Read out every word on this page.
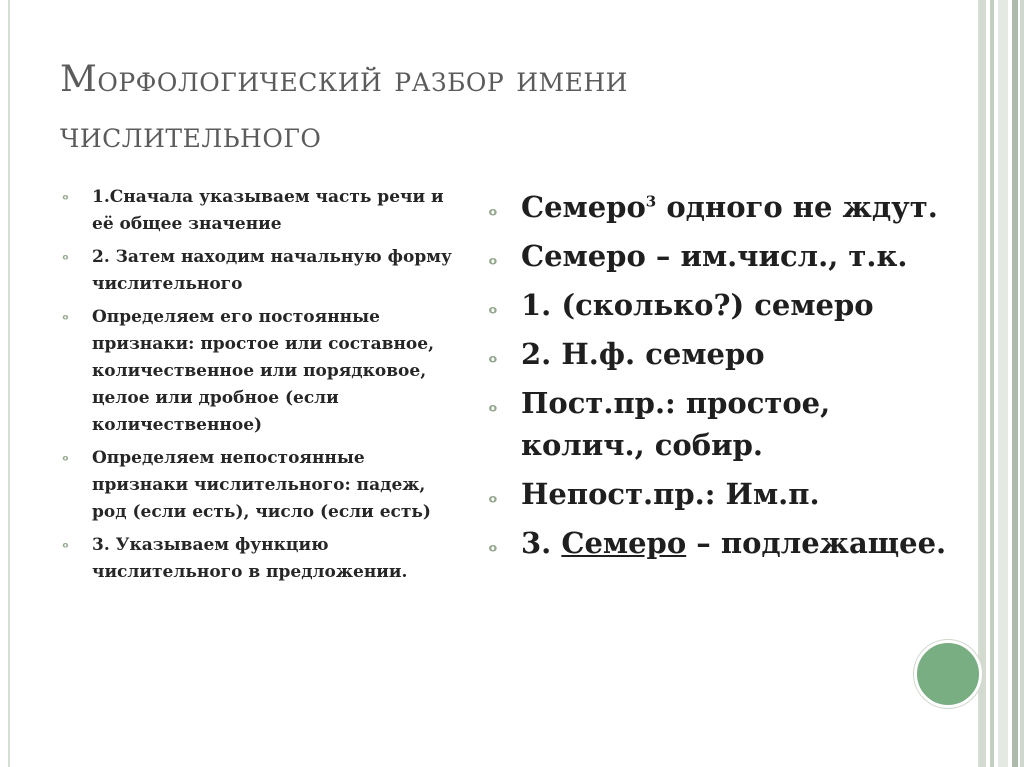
Морфологический разбор имени
числительного
ᵒ 1.Сначала указываем часть речи и её общее значение
ᵒ 2. Затем находим начальную форму числительного
ᵒ Определяем его постоянные признаки: простое или составное, количественное или порядковое, целое или дробное (если количественное)
ᵒ Определяем непостоянные признаки числительного: падеж, род (если есть), число (если есть)
ᵒ 3. Указываем функцию числительного в предложении.
ᵒ Семеро$^3$ одного не ждут.
ᵒ Семеро – им.числ., т.к.
ᵒ 1. (сколько?) семеро
ᵒ 2. Н.ф. семеро
ᵒ Пост.пр.: простое, колич., собир.
ᵒ Непост.пр.: Им.п.
ᵒ 3. Семеро – подлежащее.
